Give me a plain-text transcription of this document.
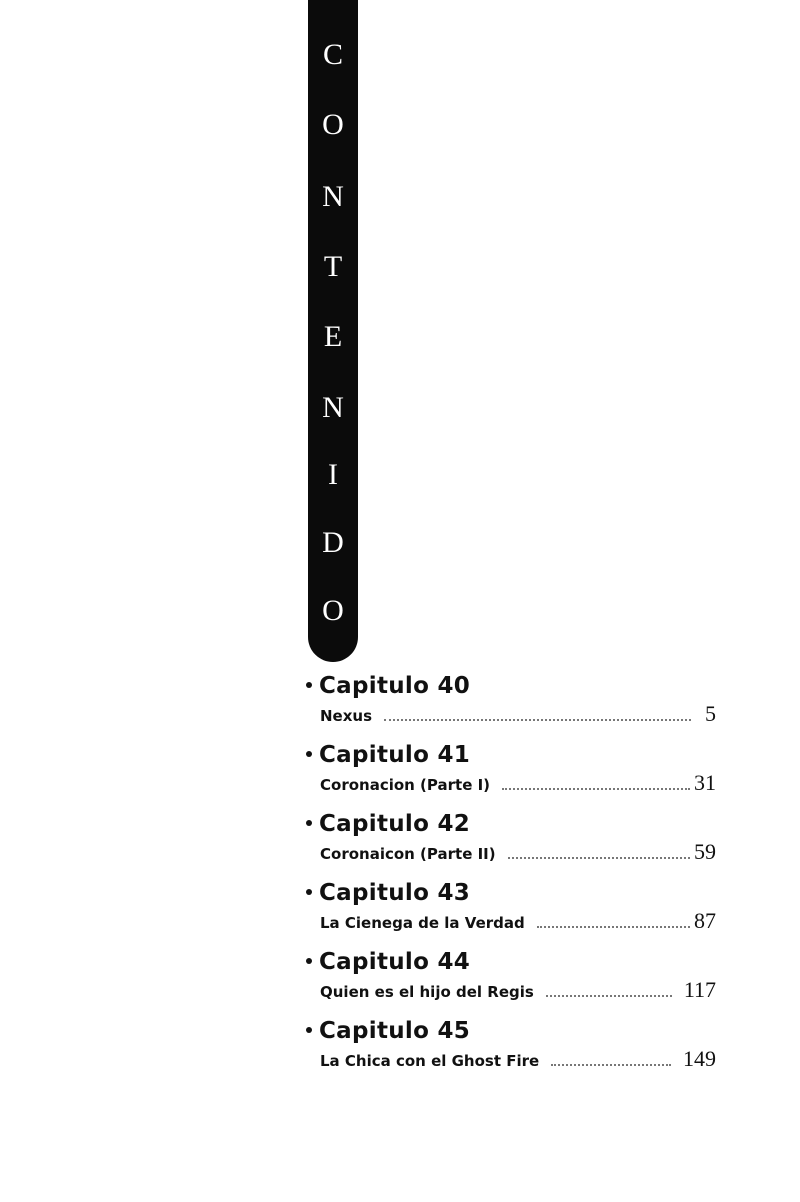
C
O
N
T
E
N
I
D
O
Capitulo 40
Nexus	5
Capitulo 41
Coronacion (Parte I)	31
Capitulo 42
Coronaicon (Parte II)	59
Capitulo 43
La Cienega de la Verdad	87
Capitulo 44
Quien es el hijo del Regis	117
Capitulo 45
La Chica con el Ghost Fire	149
